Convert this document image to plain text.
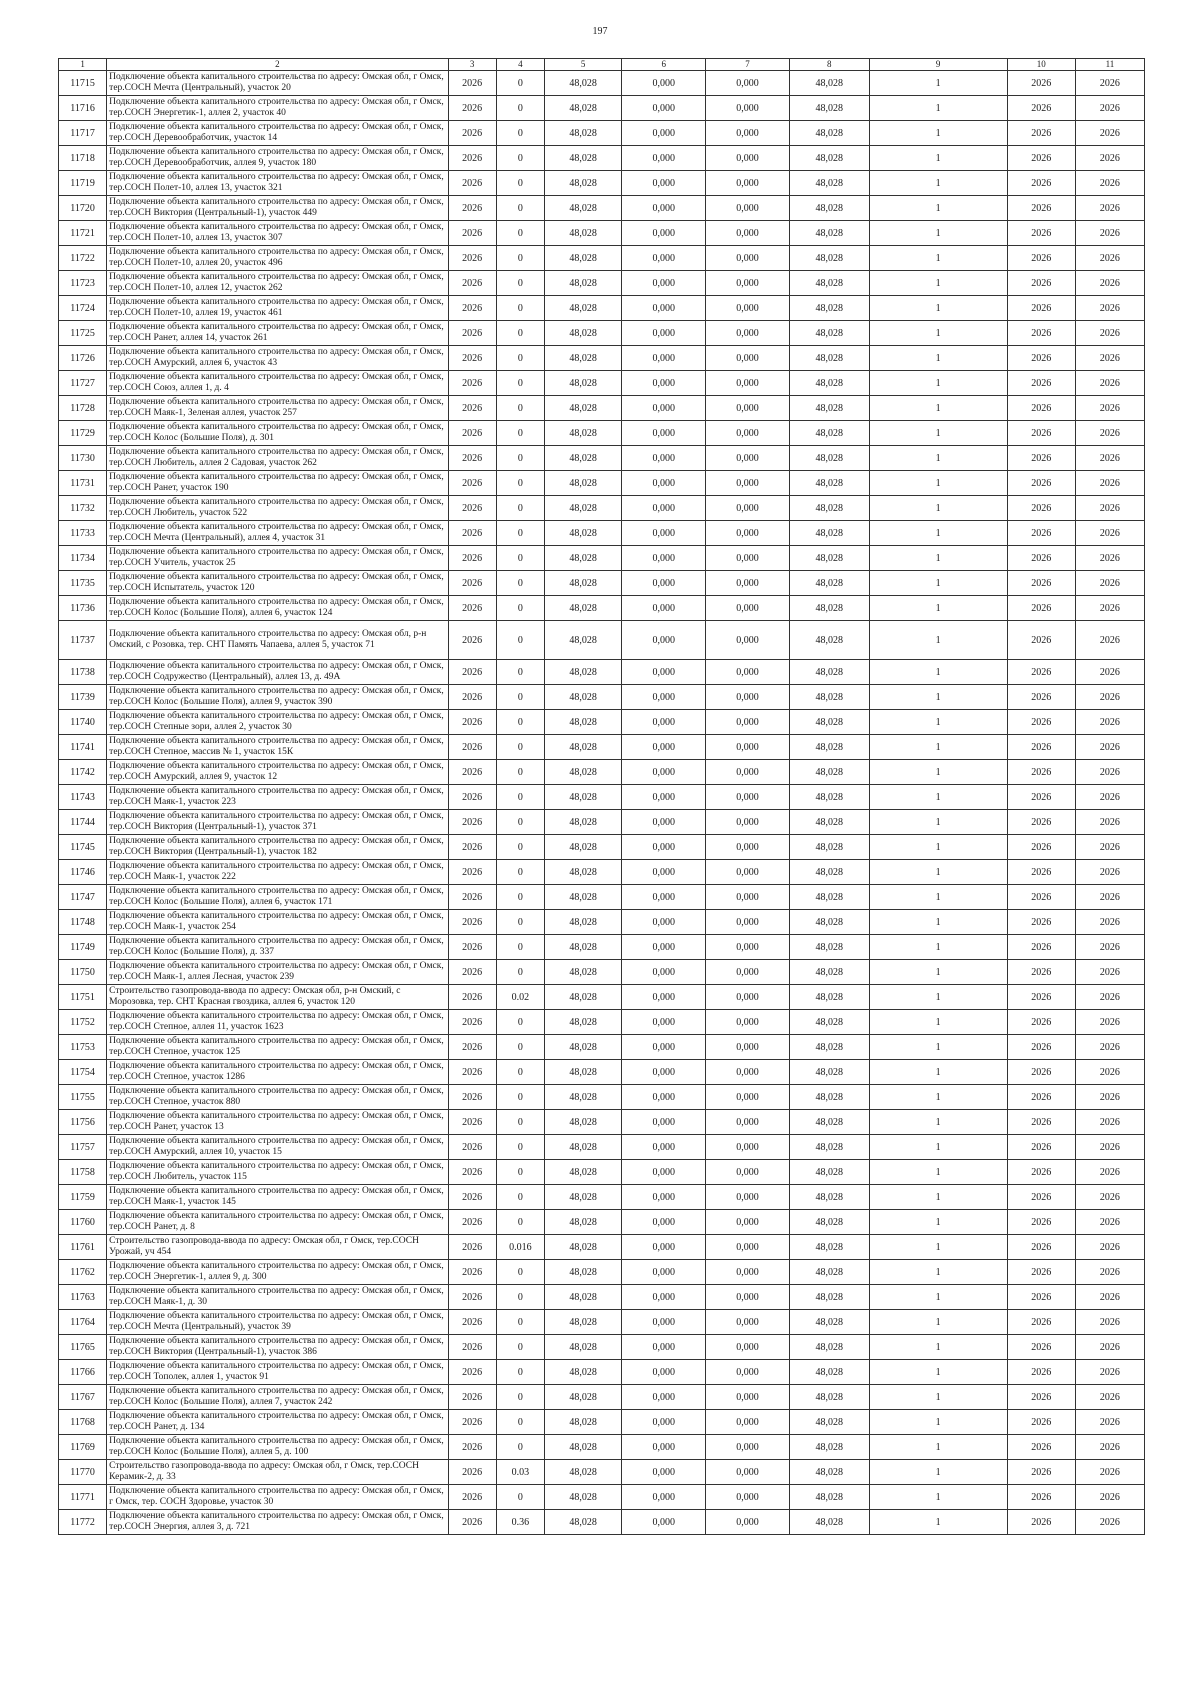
197
1	2	3	4	5	6	7	8	9	10	11
11715	Подключение объекта капитального строительства по адресу: Омская обл, г Омск, тер.СОСН Мечта (Центральный), участок 20	2026	0	48,028	0,000	0,000	48,028	1	2026	2026
11716	Подключение объекта капитального строительства по адресу: Омская обл, г Омск, тер.СОСН Энергетик-1, аллея 2, участок 40	2026	0	48,028	0,000	0,000	48,028	1	2026	2026
11717	Подключение объекта капитального строительства по адресу: Омская обл, г Омск, тер.СОСН Деревообработчик, участок 14	2026	0	48,028	0,000	0,000	48,028	1	2026	2026
11718	Подключение объекта капитального строительства по адресу: Омская обл, г Омск, тер.СОСН Деревообработчик, аллея 9, участок 180	2026	0	48,028	0,000	0,000	48,028	1	2026	2026
11719	Подключение объекта капитального строительства по адресу: Омская обл, г Омск, тер.СОСН Полет-10, аллея 13, участок 321	2026	0	48,028	0,000	0,000	48,028	1	2026	2026
11720	Подключение объекта капитального строительства по адресу: Омская обл, г Омск, тер.СОСН Виктория (Центральный-1), участок 449	2026	0	48,028	0,000	0,000	48,028	1	2026	2026
11721	Подключение объекта капитального строительства по адресу: Омская обл, г Омск, тер.СОСН Полет-10, аллея 13, участок 307	2026	0	48,028	0,000	0,000	48,028	1	2026	2026
11722	Подключение объекта капитального строительства по адресу: Омская обл, г Омск, тер.СОСН Полет-10, аллея 20, участок 496	2026	0	48,028	0,000	0,000	48,028	1	2026	2026
11723	Подключение объекта капитального строительства по адресу: Омская обл, г Омск, тер.СОСН Полет-10, аллея 12, участок 262	2026	0	48,028	0,000	0,000	48,028	1	2026	2026
11724	Подключение объекта капитального строительства по адресу: Омская обл, г Омск, тер.СОСН Полет-10, аллея 19, участок 461	2026	0	48,028	0,000	0,000	48,028	1	2026	2026
11725	Подключение объекта капитального строительства по адресу: Омская обл, г Омск, тер.СОСН Ранет, аллея 14, участок 261	2026	0	48,028	0,000	0,000	48,028	1	2026	2026
11726	Подключение объекта капитального строительства по адресу: Омская обл, г Омск, тер.СОСН Амурский, аллея 6, участок 43	2026	0	48,028	0,000	0,000	48,028	1	2026	2026
11727	Подключение объекта капитального строительства по адресу: Омская обл, г Омск, тер.СОСН Союз, аллея 1, д. 4	2026	0	48,028	0,000	0,000	48,028	1	2026	2026
11728	Подключение объекта капитального строительства по адресу: Омская обл, г Омск, тер.СОСН Маяк-1, Зеленая аллея, участок 257	2026	0	48,028	0,000	0,000	48,028	1	2026	2026
11729	Подключение объекта капитального строительства по адресу: Омская обл, г Омск, тер.СОСН Колос (Большие Поля), д. 301	2026	0	48,028	0,000	0,000	48,028	1	2026	2026
11730	Подключение объекта капитального строительства по адресу: Омская обл, г Омск, тер.СОСН Любитель, аллея 2 Садовая, участок 262	2026	0	48,028	0,000	0,000	48,028	1	2026	2026
11731	Подключение объекта капитального строительства по адресу: Омская обл, г Омск, тер.СОСН Ранет, участок 190	2026	0	48,028	0,000	0,000	48,028	1	2026	2026
11732	Подключение объекта капитального строительства по адресу: Омская обл, г Омск, тер.СОСН Любитель, участок 522	2026	0	48,028	0,000	0,000	48,028	1	2026	2026
11733	Подключение объекта капитального строительства по адресу: Омская обл, г Омск, тер.СОСН Мечта (Центральный), аллея 4, участок 31	2026	0	48,028	0,000	0,000	48,028	1	2026	2026
11734	Подключение объекта капитального строительства по адресу: Омская обл, г Омск, тер.СОСН Учитель, участок 25	2026	0	48,028	0,000	0,000	48,028	1	2026	2026
11735	Подключение объекта капитального строительства по адресу: Омская обл, г Омск, тер.СОСН Испытатель, участок 120	2026	0	48,028	0,000	0,000	48,028	1	2026	2026
11736	Подключение объекта капитального строительства по адресу: Омская обл, г Омск, тер.СОСН Колос (Большие Поля), аллея 6, участок 124	2026	0	48,028	0,000	0,000	48,028	1	2026	2026
11737	Подключение объекта капитального строительства по адресу: Омская обл, р-н Омский, с Розовка, тер. СНТ Память Чапаева, аллея 5, участок 71	2026	0	48,028	0,000	0,000	48,028	1	2026	2026
11738	Подключение объекта капитального строительства по адресу: Омская обл, г Омск, тер.СОСН Содружество (Центральный), аллея 13, д. 49А	2026	0	48,028	0,000	0,000	48,028	1	2026	2026
11739	Подключение объекта капитального строительства по адресу: Омская обл, г Омск, тер.СОСН Колос (Большие Поля), аллея 9, участок 390	2026	0	48,028	0,000	0,000	48,028	1	2026	2026
11740	Подключение объекта капитального строительства по адресу: Омская обл, г Омск, тер.СОСН Степные зори, аллея 2, участок 30	2026	0	48,028	0,000	0,000	48,028	1	2026	2026
11741	Подключение объекта капитального строительства по адресу: Омская обл, г Омск, тер.СОСН Степное, массив № 1, участок 15К	2026	0	48,028	0,000	0,000	48,028	1	2026	2026
11742	Подключение объекта капитального строительства по адресу: Омская обл, г Омск, тер.СОСН Амурский, аллея 9, участок 12	2026	0	48,028	0,000	0,000	48,028	1	2026	2026
11743	Подключение объекта капитального строительства по адресу: Омская обл, г Омск, тер.СОСН Маяк-1, участок 223	2026	0	48,028	0,000	0,000	48,028	1	2026	2026
11744	Подключение объекта капитального строительства по адресу: Омская обл, г Омск, тер.СОСН Виктория (Центральный-1), участок 371	2026	0	48,028	0,000	0,000	48,028	1	2026	2026
11745	Подключение объекта капитального строительства по адресу: Омская обл, г Омск, тер.СОСН Виктория (Центральный-1), участок 182	2026	0	48,028	0,000	0,000	48,028	1	2026	2026
11746	Подключение объекта капитального строительства по адресу: Омская обл, г Омск, тер.СОСН Маяк-1, участок 222	2026	0	48,028	0,000	0,000	48,028	1	2026	2026
11747	Подключение объекта капитального строительства по адресу: Омская обл, г Омск, тер.СОСН Колос (Большие Поля), аллея 6, участок 171	2026	0	48,028	0,000	0,000	48,028	1	2026	2026
11748	Подключение объекта капитального строительства по адресу: Омская обл, г Омск, тер.СОСН Маяк-1, участок 254	2026	0	48,028	0,000	0,000	48,028	1	2026	2026
11749	Подключение объекта капитального строительства по адресу: Омская обл, г Омск, тер.СОСН Колос (Большие Поля), д. 337	2026	0	48,028	0,000	0,000	48,028	1	2026	2026
11750	Подключение объекта капитального строительства по адресу: Омская обл, г Омск, тер.СОСН Маяк-1, аллея Лесная, участок 239	2026	0	48,028	0,000	0,000	48,028	1	2026	2026
11751	Строительство газопровода-ввода по адресу: Омская обл, р-н Омский, с Морозовка, тер. СНТ Красная гвоздика, аллея 6, участок 120	2026	0.02	48,028	0,000	0,000	48,028	1	2026	2026
11752	Подключение объекта капитального строительства по адресу: Омская обл, г Омск, тер.СОСН Степное, аллея 11, участок 1623	2026	0	48,028	0,000	0,000	48,028	1	2026	2026
11753	Подключение объекта капитального строительства по адресу: Омская обл, г Омск, тер.СОСН Степное, участок 125	2026	0	48,028	0,000	0,000	48,028	1	2026	2026
11754	Подключение объекта капитального строительства по адресу: Омская обл, г Омск, тер.СОСН Степное, участок 1286	2026	0	48,028	0,000	0,000	48,028	1	2026	2026
11755	Подключение объекта капитального строительства по адресу: Омская обл, г Омск, тер.СОСН Степное, участок 880	2026	0	48,028	0,000	0,000	48,028	1	2026	2026
11756	Подключение объекта капитального строительства по адресу: Омская обл, г Омск, тер.СОСН Ранет, участок 13	2026	0	48,028	0,000	0,000	48,028	1	2026	2026
11757	Подключение объекта капитального строительства по адресу: Омская обл, г Омск, тер.СОСН Амурский, аллея 10, участок 15	2026	0	48,028	0,000	0,000	48,028	1	2026	2026
11758	Подключение объекта капитального строительства по адресу: Омская обл, г Омск, тер.СОСН Любитель, участок 115	2026	0	48,028	0,000	0,000	48,028	1	2026	2026
11759	Подключение объекта капитального строительства по адресу: Омская обл, г Омск, тер.СОСН Маяк-1, участок 145	2026	0	48,028	0,000	0,000	48,028	1	2026	2026
11760	Подключение объекта капитального строительства по адресу: Омская обл, г Омск, тер.СОСН Ранет, д. 8	2026	0	48,028	0,000	0,000	48,028	1	2026	2026
11761	Строительство газопровода-ввода по адресу: Омская обл, г Омск, тер.СОСН Урожай, уч 454	2026	0.016	48,028	0,000	0,000	48,028	1	2026	2026
11762	Подключение объекта капитального строительства по адресу: Омская обл, г Омск, тер.СОСН Энергетик-1, аллея 9, д. 300	2026	0	48,028	0,000	0,000	48,028	1	2026	2026
11763	Подключение объекта капитального строительства по адресу: Омская обл, г Омск, тер.СОСН Маяк-1, д. 30	2026	0	48,028	0,000	0,000	48,028	1	2026	2026
11764	Подключение объекта капитального строительства по адресу: Омская обл, г Омск, тер.СОСН Мечта (Центральный), участок 39	2026	0	48,028	0,000	0,000	48,028	1	2026	2026
11765	Подключение объекта капитального строительства по адресу: Омская обл, г Омск, тер.СОСН Виктория (Центральный-1), участок 386	2026	0	48,028	0,000	0,000	48,028	1	2026	2026
11766	Подключение объекта капитального строительства по адресу: Омская обл, г Омск, тер.СОСН Тополек, аллея 1, участок 91	2026	0	48,028	0,000	0,000	48,028	1	2026	2026
11767	Подключение объекта капитального строительства по адресу: Омская обл, г Омск, тер.СОСН Колос (Большие Поля), аллея 7, участок 242	2026	0	48,028	0,000	0,000	48,028	1	2026	2026
11768	Подключение объекта капитального строительства по адресу: Омская обл, г Омск, тер.СОСН Ранет, д. 134	2026	0	48,028	0,000	0,000	48,028	1	2026	2026
11769	Подключение объекта капитального строительства по адресу: Омская обл, г Омск, тер.СОСН Колос (Большие Поля), аллея 5, д. 100	2026	0	48,028	0,000	0,000	48,028	1	2026	2026
11770	Строительство газопровода-ввода по адресу: Омская обл, г Омск, тер.СОСН Керамик-2, д. 33	2026	0.03	48,028	0,000	0,000	48,028	1	2026	2026
11771	Подключение объекта капитального строительства по адресу: Омская обл, г Омск, г Омск, тер. СОСН Здоровье, участок 30	2026	0	48,028	0,000	0,000	48,028	1	2026	2026
11772	Подключение объекта капитального строительства по адресу: Омская обл, г Омск, тер.СОСН Энергия, аллея 3, д. 721	2026	0.36	48,028	0,000	0,000	48,028	1	2026	2026
